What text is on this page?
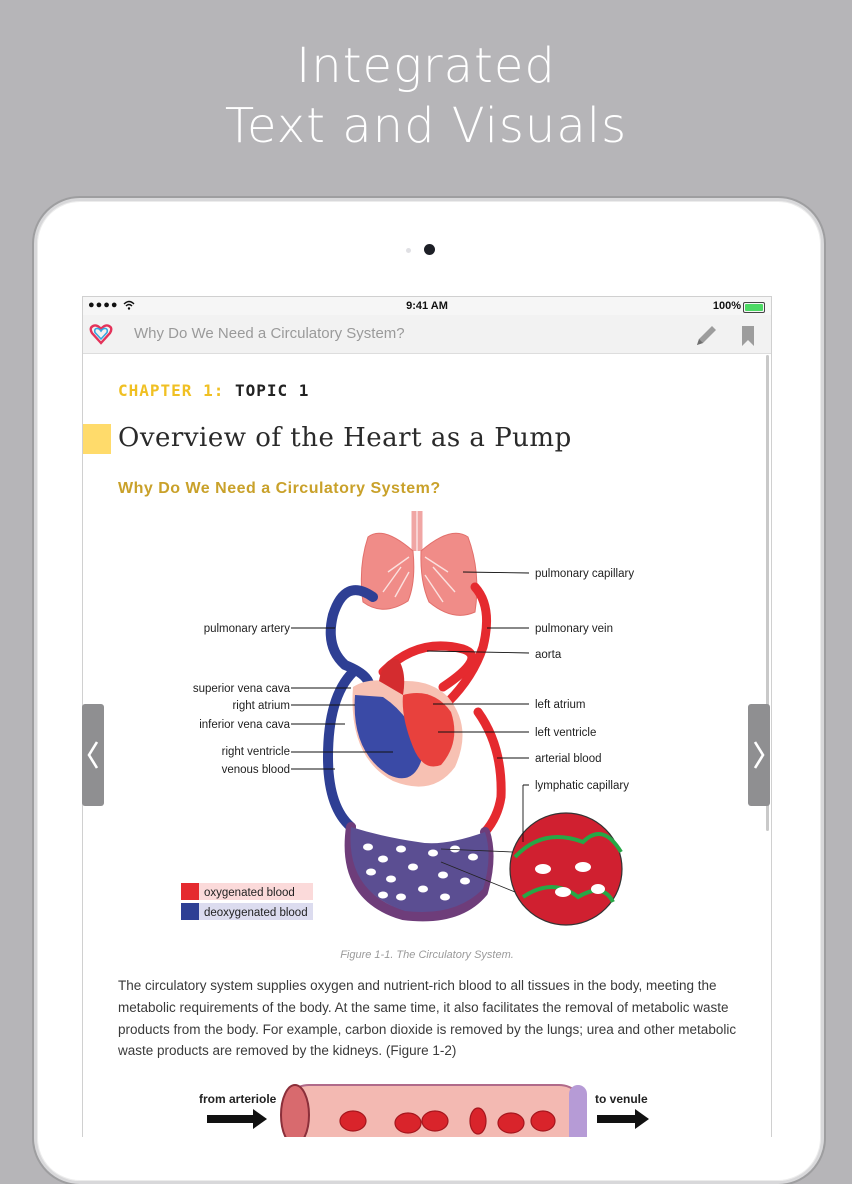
Integrated
Text and Visuals
●●●●	9:41 AM	100%
Why Do We Need a Circulatory System?
CHAPTER 1: TOPIC 1
Overview of the Heart as a Pump
Why Do We Need a Circulatory System?
pulmonary capillary
pulmonary artery	pulmonary vein
aorta
superior vena cava
right atrium
inferior vena cava
left atrium
left ventricle
right ventricle
arterial blood
venous blood
lymphatic capillary
oxygenated blood
deoxygenated blood
Figure 1-1. The Circulatory System.
The circulatory system supplies oxygen and nutrient-rich blood to all tissues in the body, meeting the metabolic requirements of the body. At the same time, it also facilitates the removal of metabolic waste products from the body. For example, carbon dioxide is removed by the lungs; urea and other metabolic waste products are removed by the kidneys. (Figure 1-2)
from arteriole	to venule
